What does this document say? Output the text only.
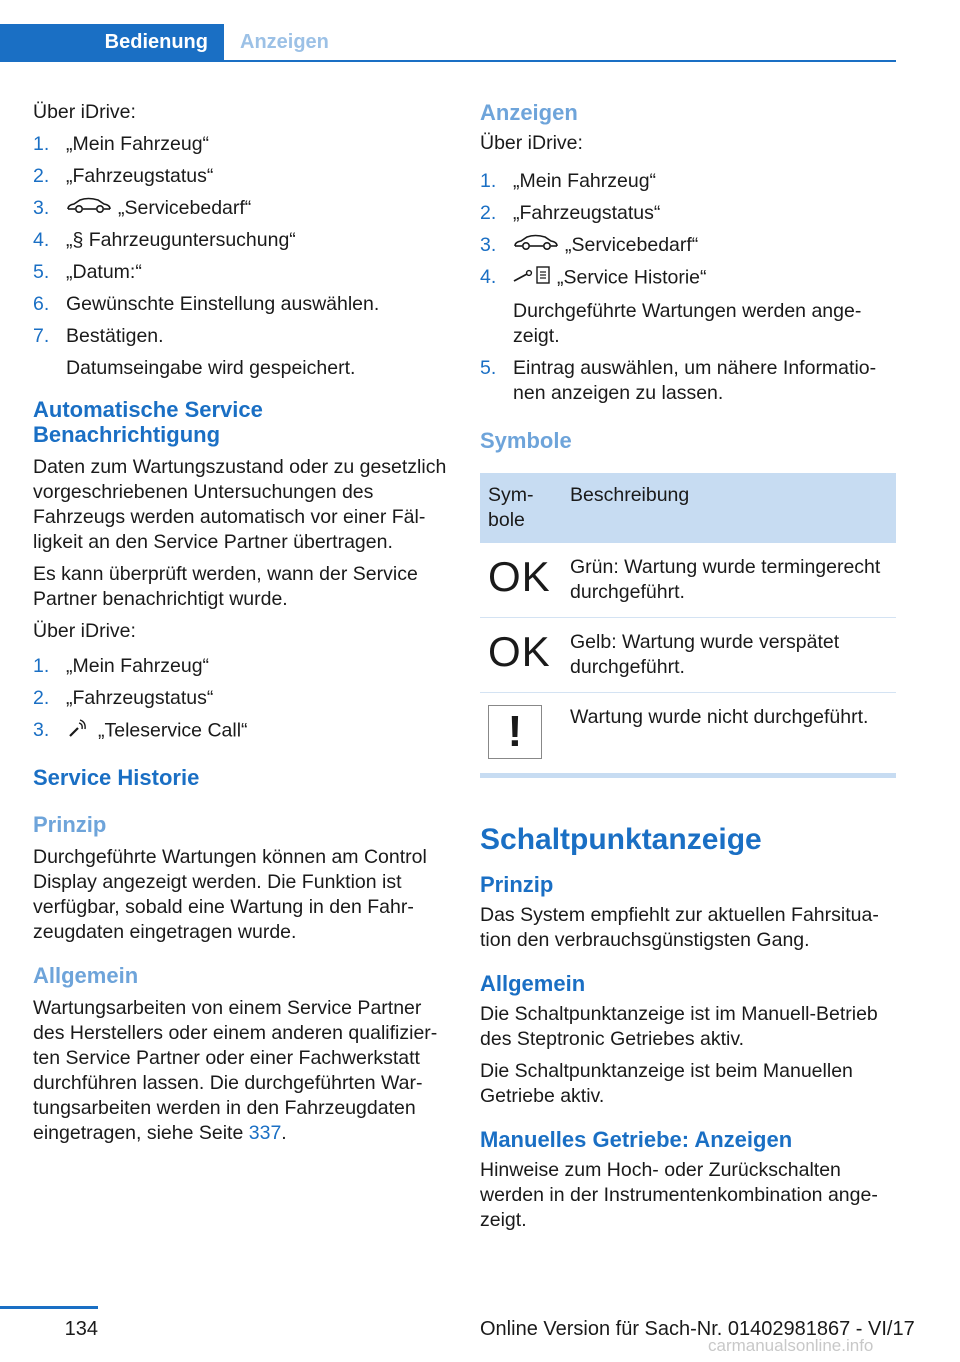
Bedienung	Anzeigen

Über iDrive:

1. „Mein Fahrzeug“
2. „Fahrzeugstatus“
3.	„Servicebedarf“
4. „§ Fahrzeuguntersuchung“
5. „Datum:“
6. Gewünschte Einstellung auswählen.
7. Bestätigen.
Datumseingabe wird gespeichert.
Automatische Service Benachrichtigung

Daten zum Wartungszustand oder zu gesetzlich vorgeschriebenen Untersuchungen des Fahrzeugs werden automatisch vor einer Fälligkeit an den Service Partner übertragen.

Es kann überprüft werden, wann der Service Partner benachrichtigt wurde.

Über iDrive:

1. „Mein Fahrzeug“
2. „Fahrzeugstatus“
3. „Teleservice Call“
Service Historie
Prinzip

Durchgeführte Wartungen können am Control Display angezeigt werden. Die Funktion ist verfügbar, sobald eine Wartung in den Fahrzeugdaten eingetragen wurde.

Allgemein

Wartungsarbeiten von einem Service Partner des Herstellers oder einem anderen qualifizierten Service Partner oder einer Fachwerkstatt durchführen lassen. Die durchgeführten Wartungsarbeiten werden in den Fahrzeugdaten eingetragen, siehe Seite 337.

Anzeigen

Über iDrive:

1. „Mein Fahrzeug“
2. „Fahrzeugstatus“
3.	„Servicebedarf“
4.	„Service Historie“
Durchgeführte Wartungen werden angezeigt.
5. Eintrag auswählen, um nähere Informationen anzeigen zu lassen.
Symbole
Symbole	Beschreibung
OK	Grün: Wartung wurde termingerecht durchgeführt.
OK	Gelb: Wartung wurde verspätet durchgeführt.

!	Wartung wurde nicht durchgeführt.
Schaltpunktanzeige
Prinzip

Das System empfiehlt zur aktuellen Fahrsituation den verbrauchsgünstigsten Gang.

Allgemein

Die Schaltpunktanzeige ist im Manuell-Betrieb des Steptronic Getriebes aktiv.

Die Schaltpunktanzeige ist beim Manuellen Getriebe aktiv.

Manuelles Getriebe: Anzeigen

Hinweise zum Hoch- oder Zurückschalten werden in der Instrumentenkombination angezeigt.

134	Online Version für Sach-Nr. 01402981867 - VI/17
carmanualsonline.info
